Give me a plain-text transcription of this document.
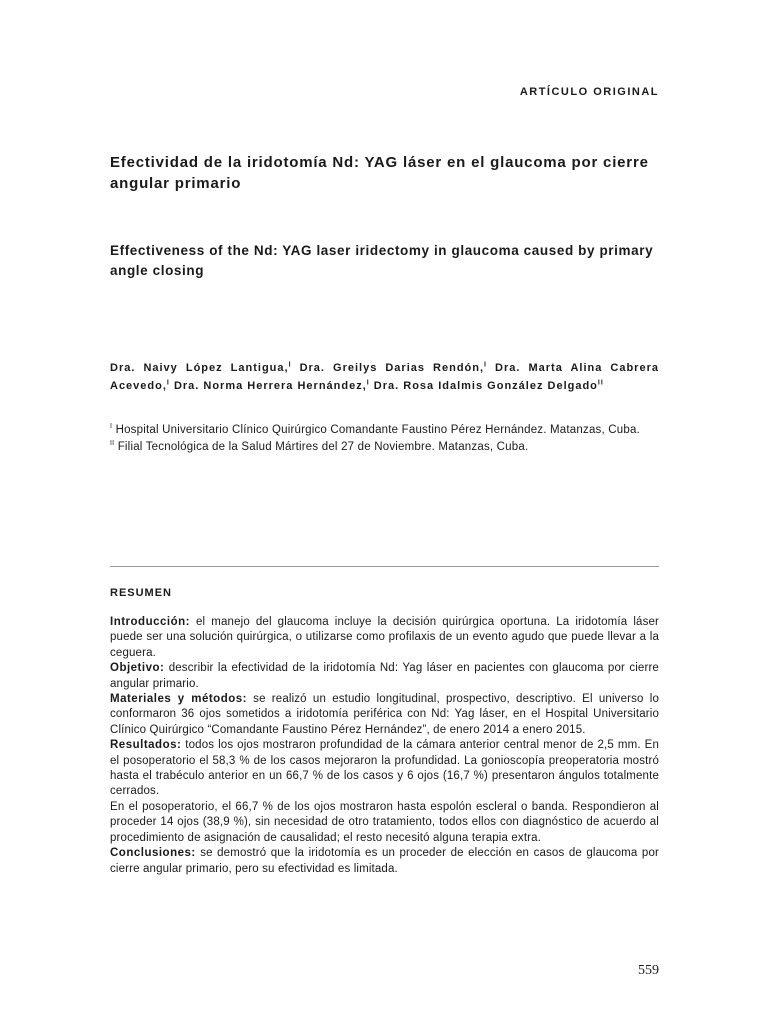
ARTÍCULO ORIGINAL
Efectividad de la iridotomía Nd: YAG láser en el glaucoma por cierre angular primario
Effectiveness of the Nd: YAG laser iridectomy in glaucoma caused by primary angle closing
Dra. Naivy López Lantigua,$^I$ Dra. Greilys Darias Rendón,$^I$ Dra. Marta Alina Cabrera Acevedo,$^I$ Dra. Norma Herrera Hernández,$^I$ Dra. Rosa Idalmis González Delgado$^{II}$

$^I$ Hospital Universitario Clínico Quirúrgico Comandante Faustino Pérez Hernández. Matanzas, Cuba.

$^{II}$ Filial Tecnológica de la Salud Mártires del 27 de Noviembre. Matanzas, Cuba.

RESUMEN

Introducción: el manejo del glaucoma incluye la decisión quirúrgica oportuna. La iridotomía láser puede ser una solución quirúrgica, o utilizarse como profilaxis de un evento agudo que puede llevar a la ceguera.

Objetivo: describir la efectividad de la iridotomía Nd: Yag láser en pacientes con glaucoma por cierre angular primario.

Materiales y métodos: se realizó un estudio longitudinal, prospectivo, descriptivo. El universo lo conformaron 36 ojos sometidos a iridotomía periférica con Nd: Yag láser, en el Hospital Universitario Clínico Quirúrgico “Comandante Faustino Pérez Hernández”, de enero 2014 a enero 2015.

Resultados: todos los ojos mostraron profundidad de la cámara anterior central menor de 2,5 mm. En el posoperatorio el 58,3 % de los casos mejoraron la profundidad. La gonioscopía preoperatoria mostró hasta el trabéculo anterior en un 66,7 % de los casos y 6 ojos (16,7 %) presentaron ángulos totalmente cerrados.

En el posoperatorio, el 66,7 % de los ojos mostraron hasta espolón escleral o banda. Respondieron al proceder 14 ojos (38,9 %), sin necesidad de otro tratamiento, todos ellos con diagnóstico de acuerdo al procedimiento de asignación de causalidad; el resto necesitó alguna terapia extra.

Conclusiones: se demostró que la iridotomía es un proceder de elección en casos de glaucoma por cierre angular primario, pero su efectividad es limitada.

559
